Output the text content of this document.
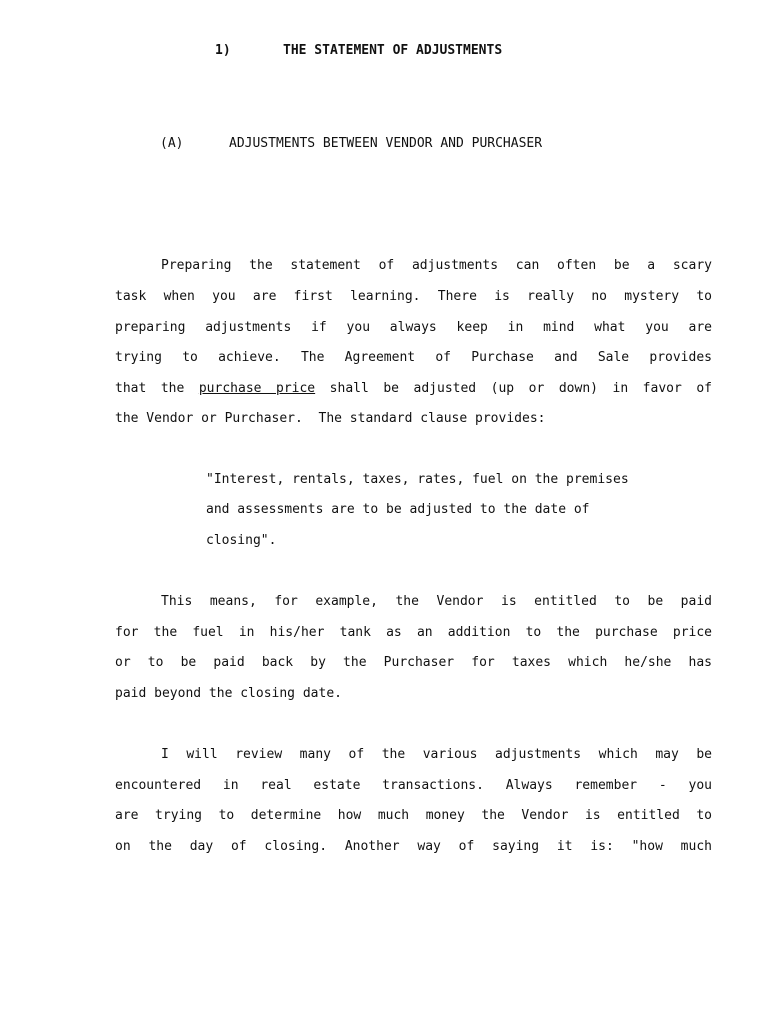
1)	THE STATEMENT OF ADJUSTMENTS
(A)	ADJUSTMENTS BETWEEN VENDOR AND PURCHASER
Preparing the statement of adjustments can often be a scary
task when you are first learning. There is really no mystery to
preparing adjustments if you always keep in mind what you are
trying to achieve. The Agreement of Purchase and Sale provides
that the purchase price shall be adjusted (up or down) in favor of
the Vendor or Purchaser.  The standard clause provides:
"Interest, rentals, taxes, rates, fuel on the premises
and assessments are to be adjusted to the date of
closing".
This means, for example, the Vendor is entitled to be paid
for the fuel in his/her tank as an addition to the purchase price
or to be paid back by the Purchaser for taxes which he/she has
paid beyond the closing date.
I will review many of the various adjustments which may be
encountered in real estate transactions. Always remember - you
are trying to determine how much money the Vendor is entitled to
on the day of closing. Another way of saying it is: "how much
